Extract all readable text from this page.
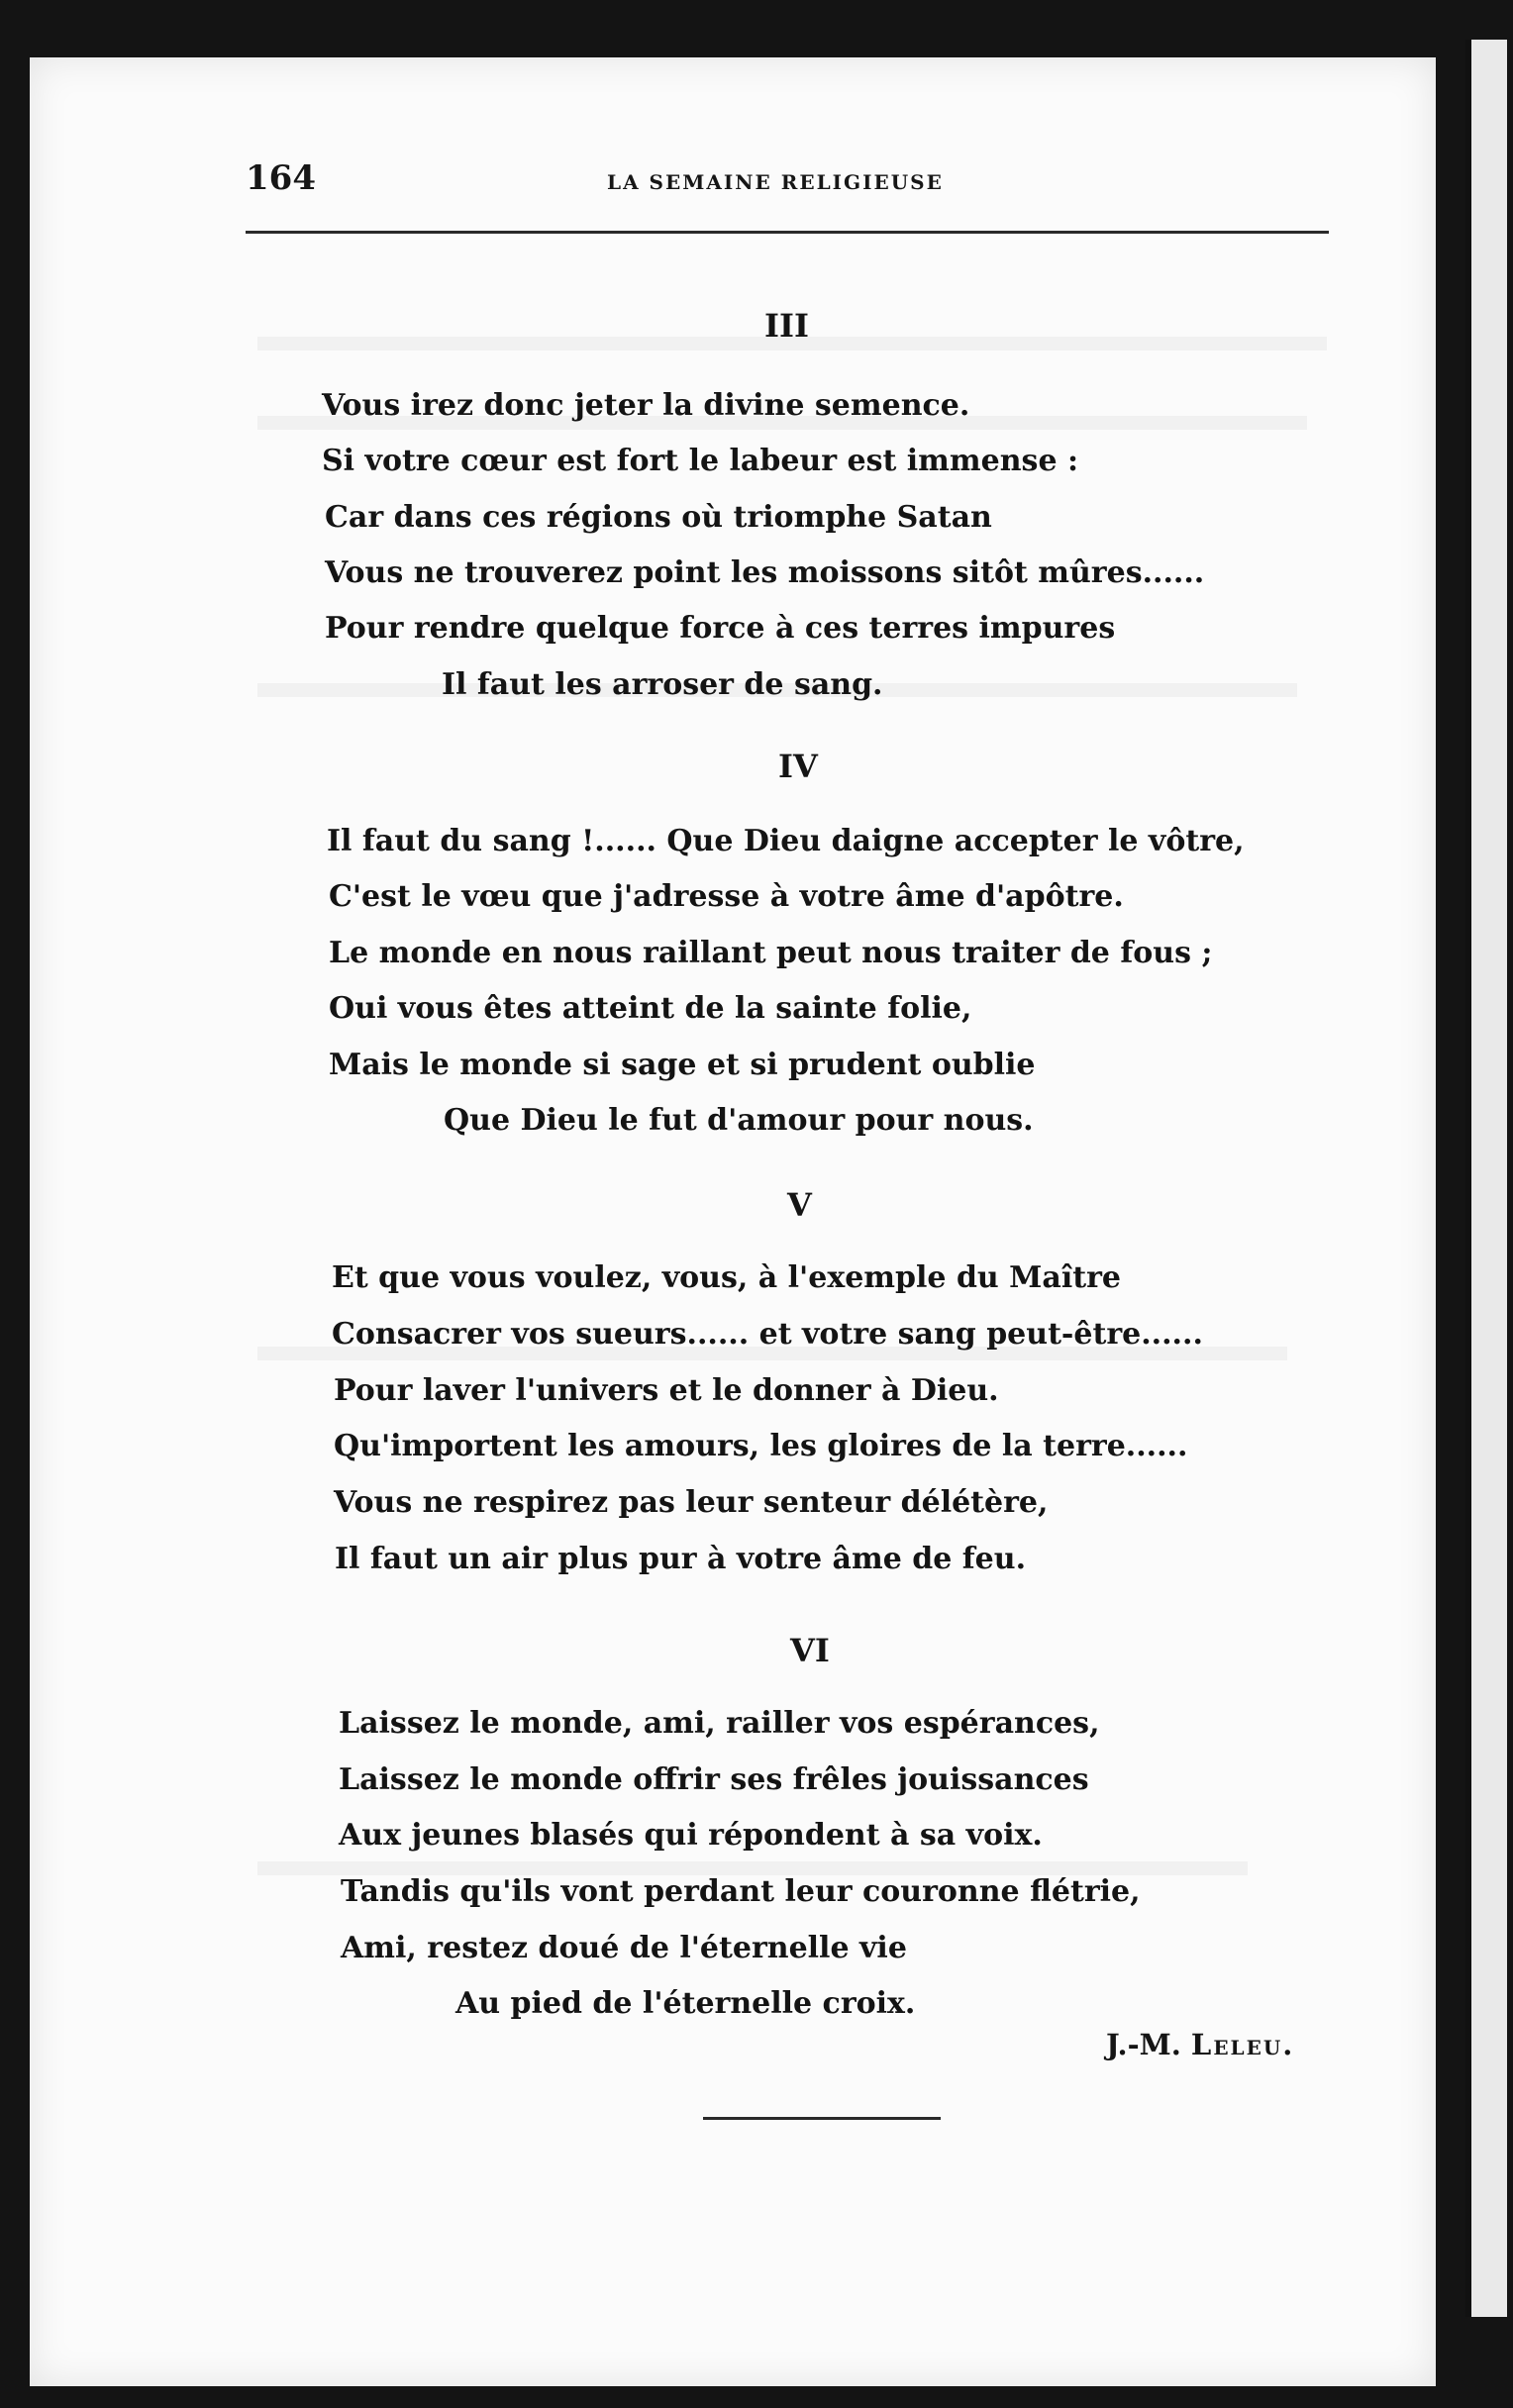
164	LA SEMAINE RELIGIEUSE
III
Vous irez donc jeter la divine semence.
Si votre cœur est fort le labeur est immense :
Car dans ces régions où triomphe Satan
Vous ne trouverez point les moissons sitôt mûres......
Pour rendre quelque force à ces terres impures
Il faut les arroser de sang.
IV
Il faut du sang !...... Que Dieu daigne accepter le vôtre,
C'est le vœu que j'adresse à votre âme d'apôtre.
Le monde en nous raillant peut nous traiter de fous ;
Oui vous êtes atteint de la sainte folie,
Mais le monde si sage et si prudent oublie
Que Dieu le fut d'amour pour nous.
V
Et que vous voulez, vous, à l'exemple du Maître
Consacrer vos sueurs...... et votre sang peut-être......
Pour laver l'univers et le donner à Dieu.
Qu'importent les amours, les gloires de la terre......
Vous ne respirez pas leur senteur délétère,
Il faut un air plus pur à votre âme de feu.
VI
Laissez le monde, ami, railler vos espérances,
Laissez le monde offrir ses frêles jouissances
Aux jeunes blasés qui répondent à sa voix.
Tandis qu'ils vont perdant leur couronne flétrie,
Ami, restez doué de l'éternelle vie
Au pied de l'éternelle croix.
J.-M. Leleu.
